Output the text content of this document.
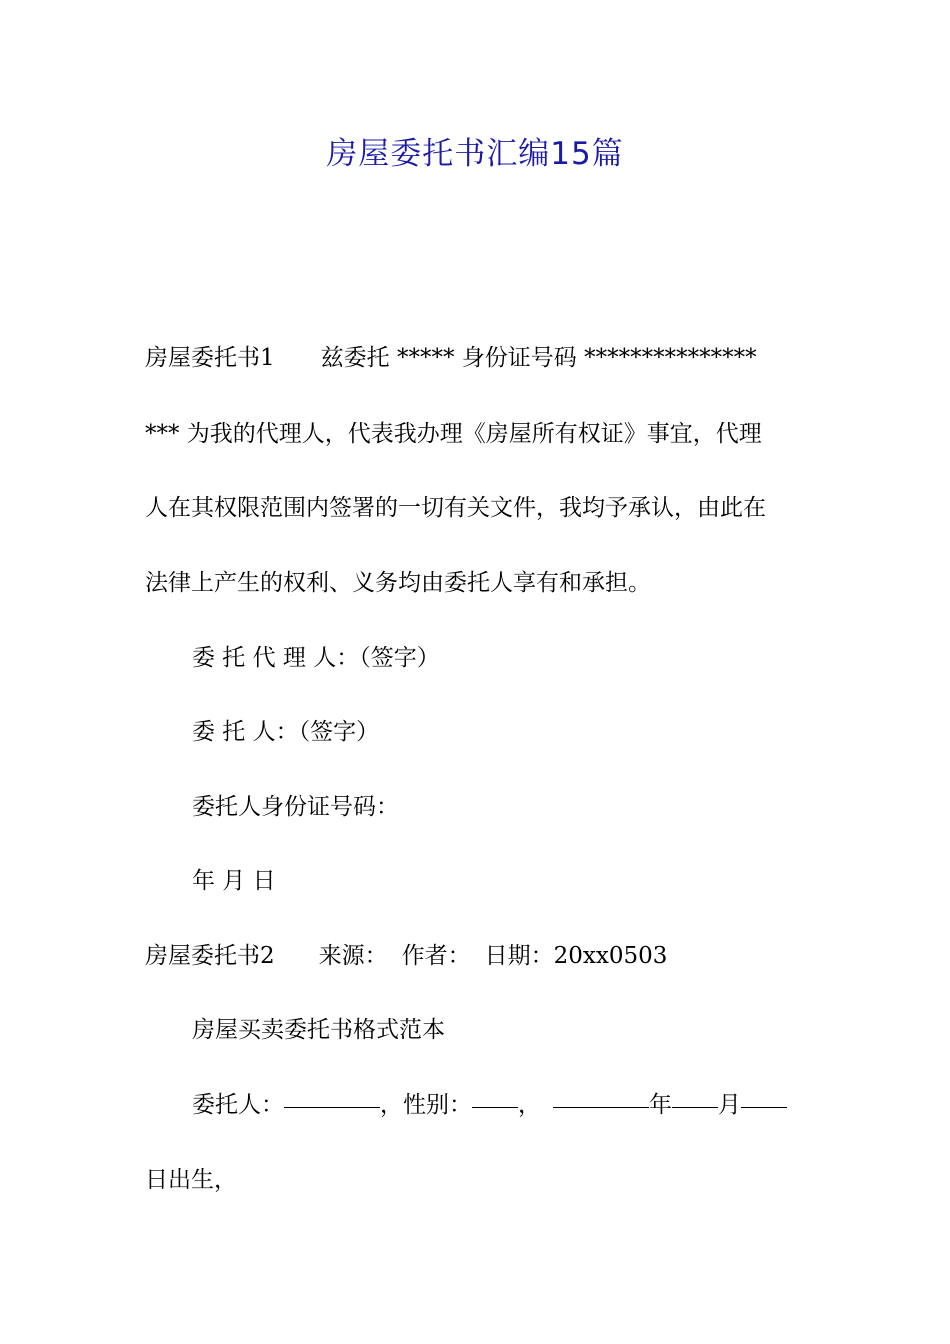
房屋委托书汇编15篇
房屋委托书1 兹委托 ***** 身份证号码 ***************
*** 为我的代理人，代表我办理《房屋所有权证》事宜，代理
人在其权限范围内签署的一切有关文件，我均予承认，由此在
法律上产生的权利、义务均由委托人享有和承担。
委 托 代 理 人：（签字）
委 托 人：（签字）
委托人身份证号码：
年 月 日
房屋委托书2 来源： 作者： 日期：20xx0503
房屋买卖委托书格式范本
委托人：	，性别： ，	年 月
日出生，
